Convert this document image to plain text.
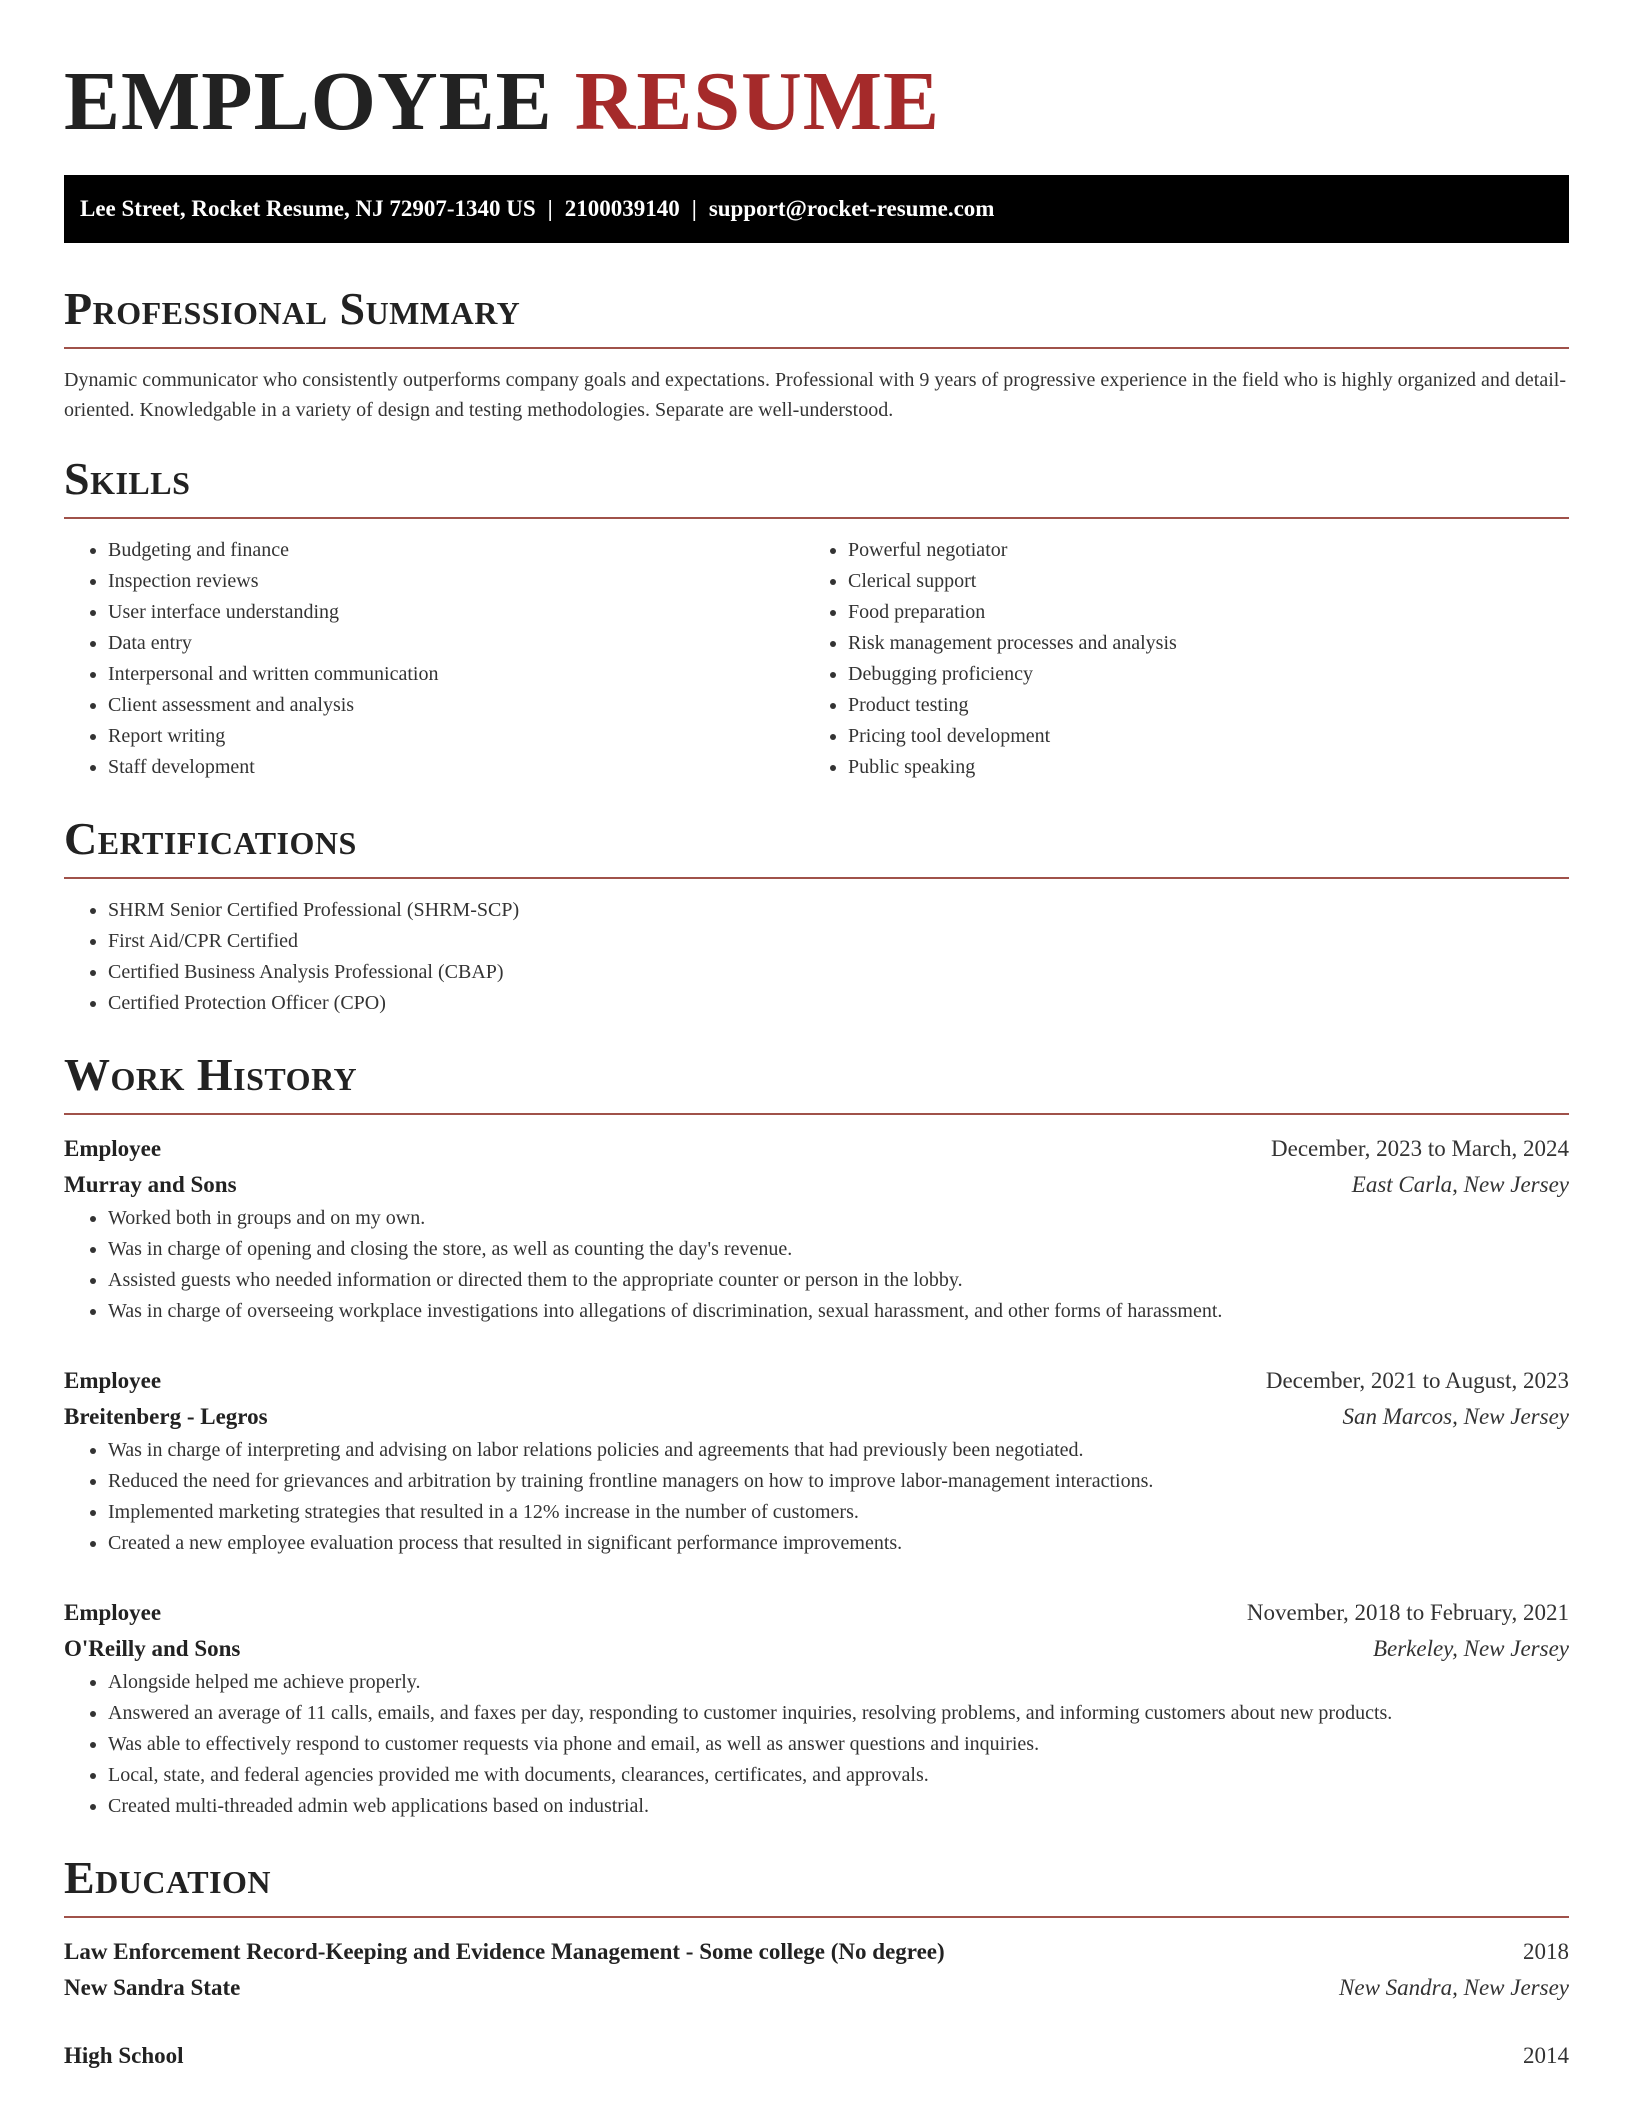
EMPLOYEE RESUME
Lee Street, Rocket Resume, NJ 72907-1340 US | 2100039140 | support@rocket-resume.com
Professional Summary

Dynamic communicator who consistently outperforms company goals and expectations. Professional with 9 years of progressive experience in the field who is highly organized and detail-oriented. Knowledgable in a variety of design and testing methodologies. Separate are well-understood.

Skills
• Budgeting and finance
• Inspection reviews
• User interface understanding
• Data entry
• Interpersonal and written communication
• Client assessment and analysis
• Report writing
• Staff development
• Powerful negotiator
• Clerical support
• Food preparation
• Risk management processes and analysis
• Debugging proficiency
• Product testing
• Pricing tool development
• Public speaking
Certifications
• SHRM Senior Certified Professional (SHRM-SCP)
• First Aid/CPR Certified
• Certified Business Analysis Professional (CBAP)
• Certified Protection Officer (CPO)
Work History
Employee	December, 2023 to March, 2024
Murray and Sons	East Carla, New Jersey
• Worked both in groups and on my own.
• Was in charge of opening and closing the store, as well as counting the day's revenue.
• Assisted guests who needed information or directed them to the appropriate counter or person in the lobby.
• Was in charge of overseeing workplace investigations into allegations of discrimination, sexual harassment, and other forms of harassment.
Employee	December, 2021 to August, 2023
Breitenberg - Legros	San Marcos, New Jersey
• Was in charge of interpreting and advising on labor relations policies and agreements that had previously been negotiated.
• Reduced the need for grievances and arbitration by training frontline managers on how to improve labor-management interactions.
• Implemented marketing strategies that resulted in a 12% increase in the number of customers.
• Created a new employee evaluation process that resulted in significant performance improvements.
Employee	November, 2018 to February, 2021
O'Reilly and Sons	Berkeley, New Jersey
• Alongside helped me achieve properly.
• Answered an average of 11 calls, emails, and faxes per day, responding to customer inquiries, resolving problems, and informing customers about new products.
• Was able to effectively respond to customer requests via phone and email, as well as answer questions and inquiries.
• Local, state, and federal agencies provided me with documents, clearances, certificates, and approvals.
• Created multi-threaded admin web applications based on industrial.
Education
Law Enforcement Record-Keeping and Evidence Management - Some college (No degree)	2018
New Sandra State	New Sandra, New Jersey
High School	2014
